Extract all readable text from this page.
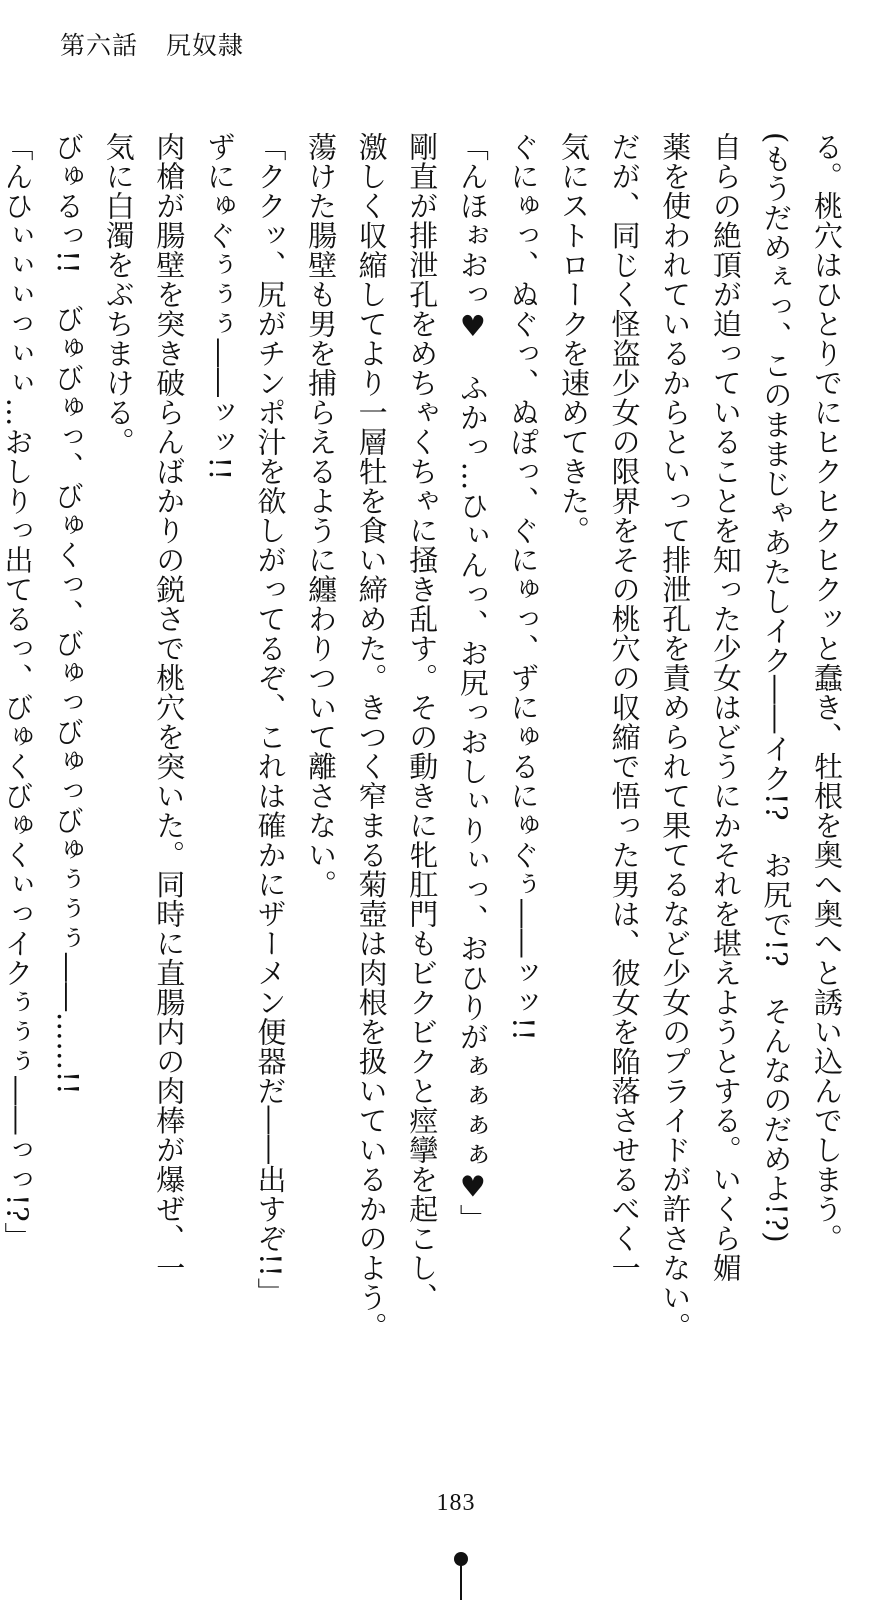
第六話 尻奴隷
る。桃穴はひとりでにヒクヒクヒクッと蠢き、牡根を奥へ奥へと誘い込んでしまう。
(もうだめぇっ、このままじゃあたしイク――イク!?　お尻で!?　そんなのだめよ!?)
自らの絶頂が迫っていることを知った少女はどうにかそれを堪えようとする。いくら媚
薬を使われているからといって排泄孔を責められて果てるなど少女のプライドが許さない。
だが、同じく怪盗少女の限界をその桃穴の収縮で悟った男は、彼女を陥落させるべく一
気にストロークを速めてきた。
ぐにゅっ、ぬぐっ、ぬぽっ、ぐにゅっ、ずにゅるにゅぐぅ――ッッ!!
「んほぉおっ♥　ふかっ…ひぃんっ、お尻っおしぃりぃっ、おひりがぁぁぁぁ♥」
剛直が排泄孔をめちゃくちゃに掻き乱す。その動きに牝肛門もビクビクと痙攣を起こし、
激しく収縮してより一層牡を食い締めた。きつく窄まる菊壺は肉根を扱いているかのよう。
蕩けた腸壁も男を捕らえるように纏わりついて離さない。
「ククッ、尻がチンポ汁を欲しがってるぞ、これは確かにザーメン便器だ――出すぞ!!」
ずにゅぐぅぅぅ――ッッ!!
肉槍が腸壁を突き破らんばかりの鋭さで桃穴を突いた。同時に直腸内の肉棒が爆ぜ、一
気に白濁をぶちまける。
びゅるっ!!　びゅびゅっ、びゅくっ、びゅっびゅっびゅぅぅぅ――……!!
「んひぃぃぃっぃぃ…おしりっ出てるっ、びゅくびゅくぃっイクぅぅぅ――っっ!?」
183
